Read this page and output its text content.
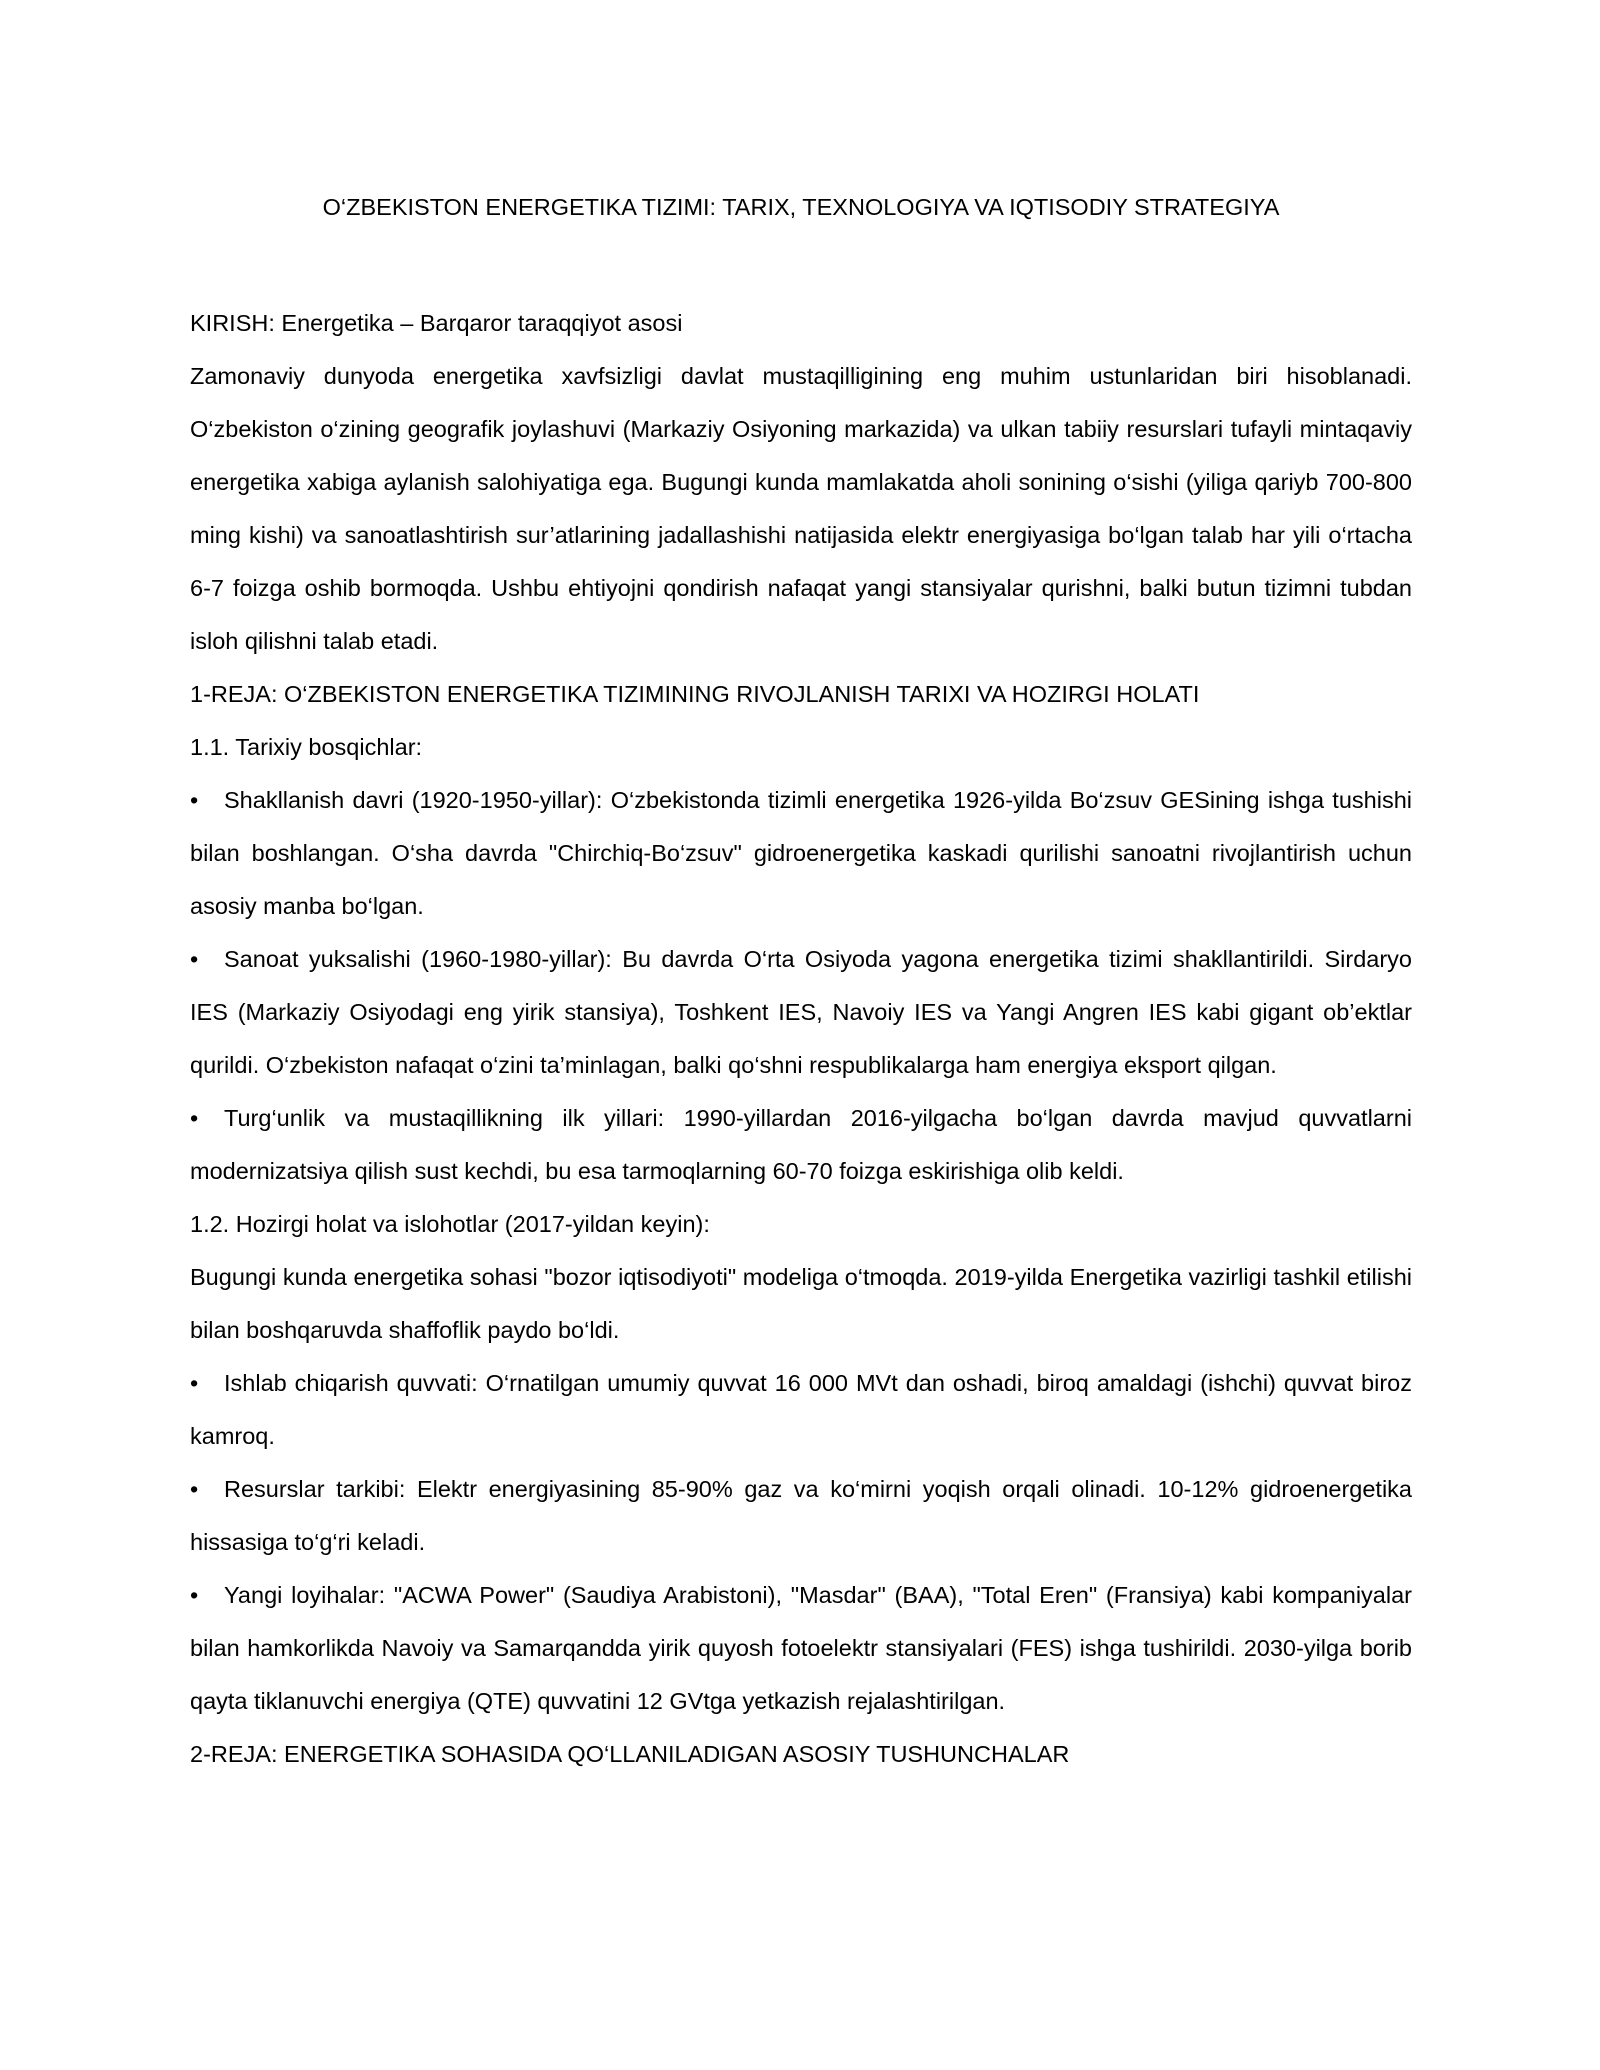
O‘ZBEKISTON ENERGETIKA TIZIMI: TARIX, TEXNOLOGIYA VA IQTISODIY STRATEGIYA

KIRISH: Energetika – Barqaror taraqqiyot asosi

Zamonaviy dunyoda energetika xavfsizligi davlat mustaqilligining eng muhim ustunlaridan biri hisoblanadi. O‘zbekiston o‘zining geografik joylashuvi (Markaziy Osiyoning markazida) va ulkan tabiiy resurslari tufayli mintaqaviy energetika xabiga aylanish salohiyatiga ega. Bugungi kunda mamlakatda aholi sonining o‘sishi (yiliga qariyb 700-800 ming kishi) va sanoatlashtirish sur’atlarining jadallashishi natijasida elektr energiyasiga bo‘lgan talab har yili o‘rtacha 6-7 foizga oshib bormoqda. Ushbu ehtiyojni qondirish nafaqat yangi stansiyalar qurishni, balki butun tizimni tubdan isloh qilishni talab etadi.

1-REJA: O‘ZBEKISTON ENERGETIKA TIZIMINING RIVOJLANISH TARIXI VA HOZIRGI HOLATI

1.1. Tarixiy bosqichlar:

• Shakllanish davri (1920-1950-yillar): O‘zbekistonda tizimli energetika 1926-yilda Bo‘zsuv GESining ishga tushishi bilan boshlangan. O‘sha davrda "Chirchiq-Bo‘zsuv" gidroenergetika kaskadi qurilishi sanoatni rivojlantirish uchun asosiy manba bo‘lgan.

• Sanoat yuksalishi (1960-1980-yillar): Bu davrda O‘rta Osiyoda yagona energetika tizimi shakllantirildi. Sirdaryo IES (Markaziy Osiyodagi eng yirik stansiya), Toshkent IES, Navoiy IES va Yangi Angren IES kabi gigant ob’ektlar qurildi. O‘zbekiston nafaqat o‘zini ta’minlagan, balki qo‘shni respublikalarga ham energiya eksport qilgan.

• Turg‘unlik va mustaqillikning ilk yillari: 1990-yillardan 2016-yilgacha bo‘lgan davrda mavjud quvvatlarni modernizatsiya qilish sust kechdi, bu esa tarmoqlarning 60-70 foizga eskirishiga olib keldi.

1.2. Hozirgi holat va islohotlar (2017-yildan keyin):

Bugungi kunda energetika sohasi "bozor iqtisodiyoti" modeliga o‘tmoqda. 2019-yilda Energetika vazirligi tashkil etilishi bilan boshqaruvda shaffoflik paydo bo‘ldi.

• Ishlab chiqarish quvvati: O‘rnatilgan umumiy quvvat 16 000 MVt dan oshadi, biroq amaldagi (ishchi) quvvat biroz kamroq.

• Resurslar tarkibi: Elektr energiyasining 85-90% gaz va ko‘mirni yoqish orqali olinadi. 10-12% gidroenergetika hissasiga to‘g‘ri keladi.

• Yangi loyihalar: "ACWA Power" (Saudiya Arabistoni), "Masdar" (BAA), "Total Eren" (Fransiya) kabi kompaniyalar bilan hamkorlikda Navoiy va Samarqandda yirik quyosh fotoelektr stansiyalari (FES) ishga tushirildi. 2030-yilga borib qayta tiklanuvchi energiya (QTE) quvvatini 12 GVtga yetkazish rejalashtirilgan.

2-REJA: ENERGETIKA SOHASIDA QO‘LLANILADIGAN ASOSIY TUSHUNCHALAR
